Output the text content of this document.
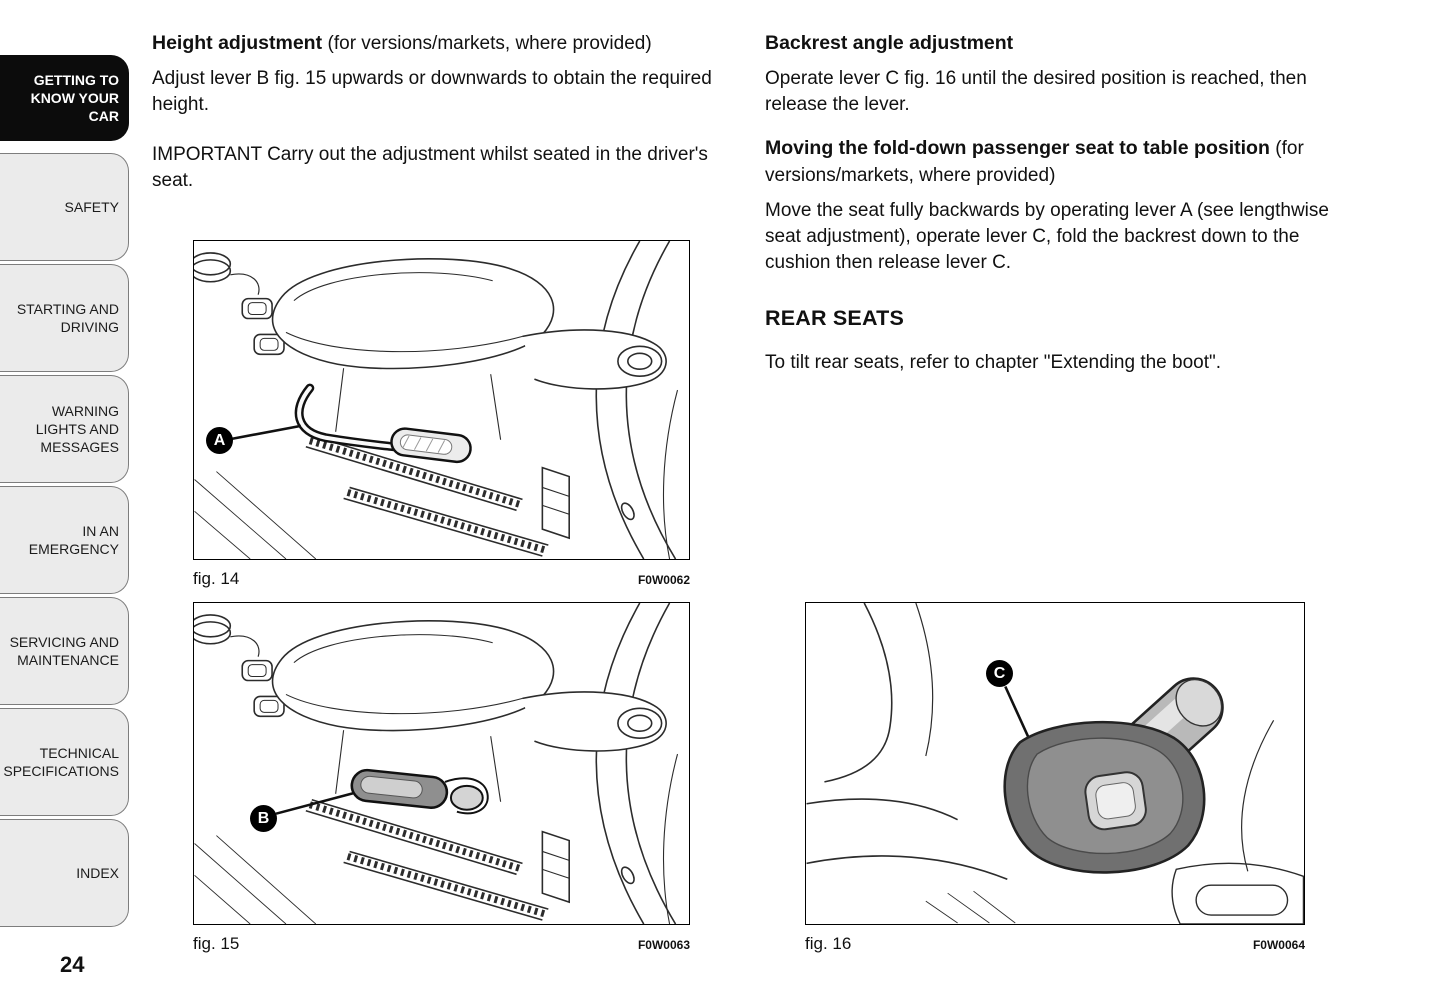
GETTING TO KNOW YOUR CAR
SAFETY
STARTING AND DRIVING
WARNING LIGHTS AND MESSAGES
IN AN EMERGENCY
SERVICING AND MAINTENANCE
TECHNICAL SPECIFICATIONS
INDEX
24
Height adjustment (for versions/markets, where provided)

Adjust lever B fig. 15 upwards or downwards to obtain the required height.

IMPORTANT Carry out the adjustment whilst seated in the driver's seat.

A
fig. 14	F0W0062
B
fig. 15	F0W0063
Backrest angle adjustment

Operate lever C fig. 16 until the desired position is reached, then release the lever.

Moving the fold-down passenger seat to table position (for versions/markets, where provided)

Move the seat fully backwards by operating lever A (see lengthwise seat adjustment), operate lever C, fold the backrest down to the cushion then release lever C.

REAR SEATS

To tilt rear seats, refer to chapter "Extending the boot".

C
fig. 16	F0W0064
